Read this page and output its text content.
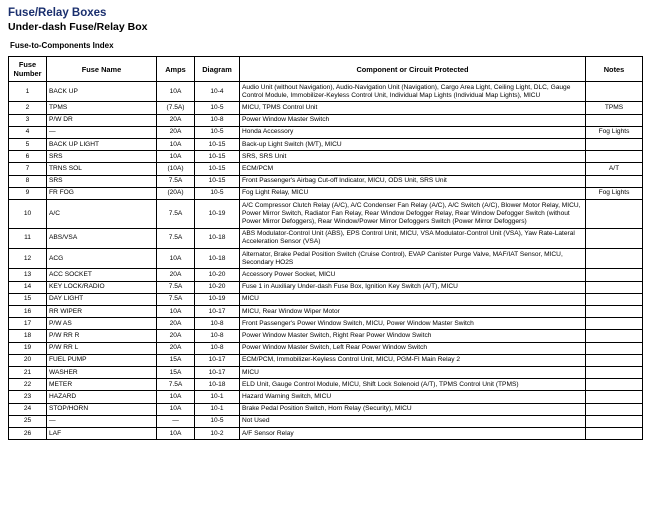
Fuse/Relay Boxes
Under-dash Fuse/Relay Box
Fuse-to-Components Index
Fuse
Number	Fuse Name	Amps	Diagram	Component or Circuit Protected	Notes
1	BACK UP	10A	10-4	Audio Unit (without Navigation), Audio-Navigation Unit (Navigation), Cargo Area Light, Ceiling Light, DLC, Gauge Control Module, Immobilizer-Keyless Control Unit, Individual Map Lights (Individual Map Lights), MICU	
2	TPMS	(7.5A)	10-5	MICU, TPMS Control Unit	TPMS
3	P/W DR	20A	10-8	Power Window Master Switch	
4	—	20A	10-5	Honda Accessory	Fog Lights
5	BACK UP LIGHT	10A	10-15	Back-up Light Switch (M/T), MICU	
6	SRS	10A	10-15	SRS, SRS Unit	
7	TRNS SOL	(10A)	10-15	ECM/PCM	A/T
8	SRS	7.5A	10-15	Front Passenger's Airbag Cut-off Indicator, MICU, ODS Unit, SRS Unit	
9	FR FOG	(20A)	10-5	Fog Light Relay, MICU	Fog Lights
10	A/C	7.5A	10-19	A/C Compressor Clutch Relay (A/C), A/C Condenser Fan Relay (A/C), A/C Switch (A/C), Blower Motor Relay, MICU, Power Mirror Switch, Radiator Fan Relay, Rear Window Defogger Relay, Rear Window Defogger Switch (without Power Mirror Defoggers), Rear Window/Power Mirror Defoggers Switch (Power Mirror Defoggers)	
11	ABS/VSA	7.5A	10-18	ABS Modulator-Control Unit (ABS), EPS Control Unit, MICU, VSA Modulator-Control Unit (VSA), Yaw Rate-Lateral Acceleration Sensor (VSA)	
12	ACG	10A	10-18	Alternator, Brake Pedal Position Switch (Cruise Control), EVAP Canister Purge Valve, MAF/IAT Sensor, MICU, Secondary HO2S	
13	ACC SOCKET	20A	10-20	Accessory Power Socket, MICU	
14	KEY LOCK/RADIO	7.5A	10-20	Fuse 1 in Auxiliary Under-dash Fuse Box, Ignition Key Switch (A/T), MICU	
15	DAY LIGHT	7.5A	10-19	MICU	
16	RR WIPER	10A	10-17	MICU, Rear Window Wiper Motor	
17	P/W AS	20A	10-8	Front Passenger's Power Window Switch, MICU, Power Window Master Switch	
18	P/W RR R	20A	10-8	Power Window Master Switch, Right Rear Power Window Switch	
19	P/W RR L	20A	10-8	Power Window Master Switch, Left Rear Power Window Switch	
20	FUEL PUMP	15A	10-17	ECM/PCM, Immobilizer-Keyless Control Unit, MICU, PGM-FI Main Relay 2	
21	WASHER	15A	10-17	MICU	
22	METER	7.5A	10-18	ELD Unit, Gauge Control Module, MICU, Shift Lock Solenoid (A/T), TPMS Control Unit (TPMS)	
23	HAZARD	10A	10-1	Hazard Warning Switch, MICU	
24	STOP/HORN	10A	10-1	Brake Pedal Position Switch, Horn Relay (Security), MICU	
25	—	—	10-5	Not Used	
26	LAF	10A	10-2	A/F Sensor Relay	
